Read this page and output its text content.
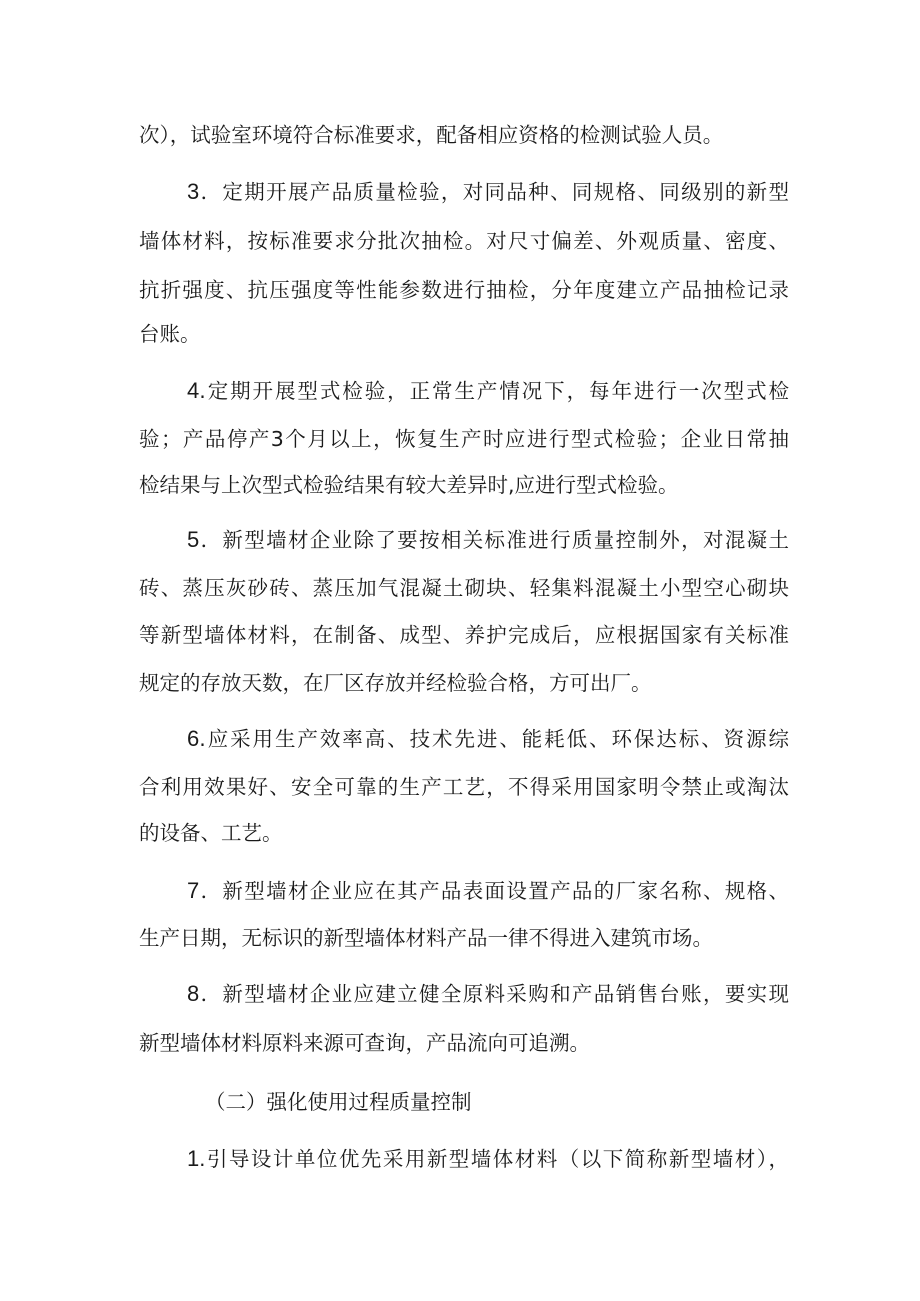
次），试验室环境符合标准要求，配备相应资格的检测试验人员。
3．定期开展产品质量检验，对同品种、同规格、同级别的新型
墙体材料，按标准要求分批次抽检。对尺寸偏差、外观质量、密度、
抗折强度、抗压强度等性能参数进行抽检，分年度建立产品抽检记录
台账。
4.定期开展型式检验，正常生产情况下，每年进行一次型式检
验；产品停产3个月以上，恢复生产时应进行型式检验；企业日常抽
检结果与上次型式检验结果有较大差异时,应进行型式检验。
5．新型墙材企业除了要按相关标准进行质量控制外，对混凝土
砖、蒸压灰砂砖、蒸压加气混凝土砌块、轻集料混凝土小型空心砌块
等新型墙体材料，在制备、成型、养护完成后，应根据国家有关标准
规定的存放天数，在厂区存放并经检验合格，方可出厂。
6.应采用生产效率高、技术先进、能耗低、环保达标、资源综
合利用效果好、安全可靠的生产工艺，不得采用国家明令禁止或淘汰
的设备、工艺。
7．新型墙材企业应在其产品表面设置产品的厂家名称、规格、
生产日期，无标识的新型墙体材料产品一律不得进入建筑市场。
8．新型墙材企业应建立健全原料采购和产品销售台账，要实现
新型墙体材料原料来源可查询，产品流向可追溯。
（二）强化使用过程质量控制
1.引导设计单位优先采用新型墙体材料（以下简称新型墙材），
